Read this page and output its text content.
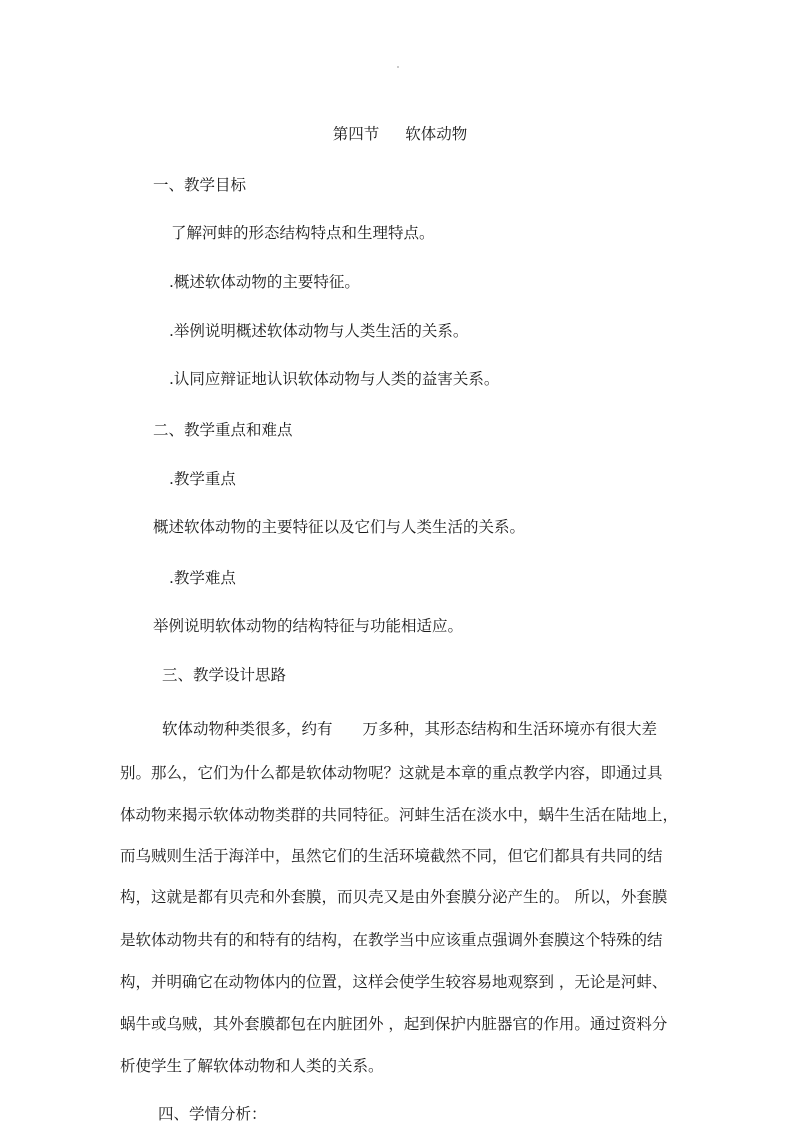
第四节 软体动物

一、教学目标

了解河蚌的形态结构特点和生理特点。

.概述软体动物的主要特征。

.举例说明概述软体动物与人类生活的关系。

.认同应辩证地认识软体动物与人类的益害关系。

二、教学重点和难点

.教学重点

概述软体动物的主要特征以及它们与人类生活的关系。

.教学难点

举例说明软体动物的结构特征与功能相适应。

三、教学设计思路

软体动物种类很多，约有 万多种，其形态结构和生活环境亦有很大差

别。那么，它们为什么都是软体动物呢？这就是本章的重点教学内容，即通过具

体动物来揭示软体动物类群的共同特征。河蚌生活在淡水中，蜗牛生活在陆地上，

而乌贼则生活于海洋中，虽然它们的生活环境截然不同，但它们都具有共同的结

构，这就是都有贝壳和外套膜，而贝壳又是由外套膜分泌产生的。 所以，外套膜

是软体动物共有的和特有的结构，在教学当中应该重点强调外套膜这个特殊的结

构，并明确它在动物体内的位置，这样会使学生较容易地观察到 ，无论是河蚌、

蜗牛或乌贼，其外套膜都包在内脏团外 ，起到保护内脏器官的作用。通过资料分

析使学生了解软体动物和人类的关系。

四、学情分析：
